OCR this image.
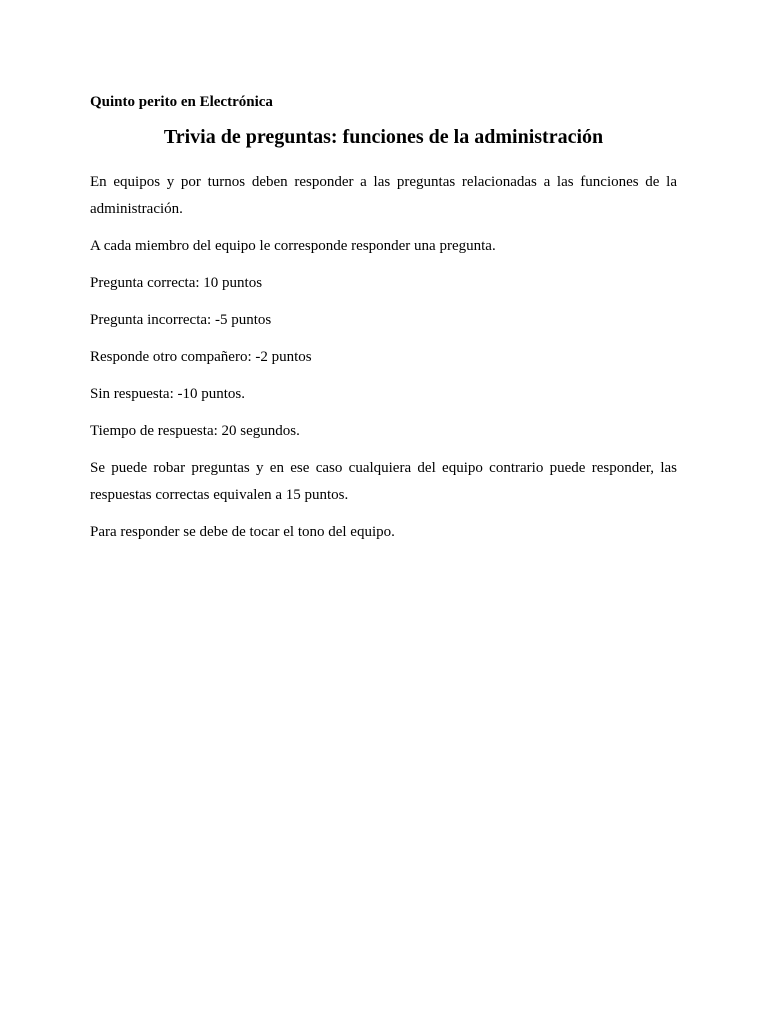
Quinto perito en Electrónica

Trivia de preguntas: funciones de la administración

En equipos y por turnos deben responder a las preguntas relacionadas a las funciones de la administración.

A cada miembro del equipo le corresponde responder una pregunta.

Pregunta correcta: 10 puntos

Pregunta incorrecta: -5 puntos

Responde otro compañero: -2 puntos

Sin respuesta: -10 puntos.

Tiempo de respuesta: 20 segundos.

Se puede robar preguntas y en ese caso cualquiera del equipo contrario puede responder, las respuestas correctas equivalen a 15 puntos.

Para responder se debe de tocar el tono del equipo.
